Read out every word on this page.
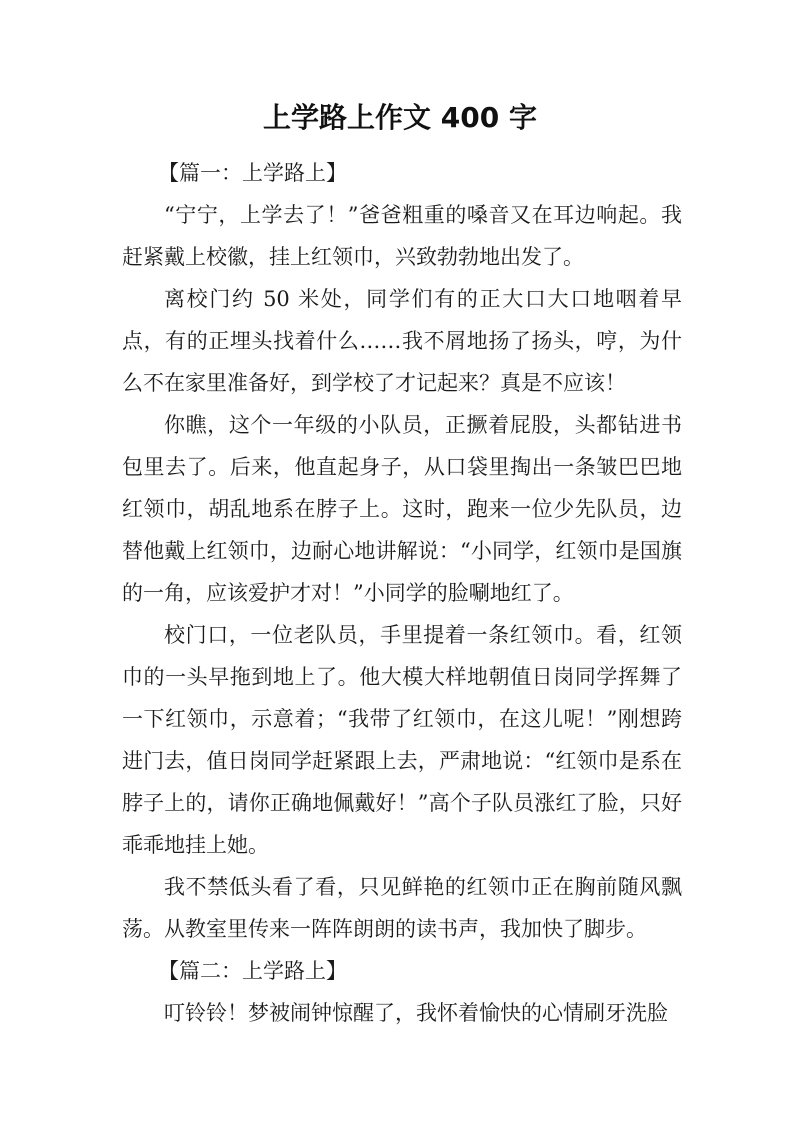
上学路上作文 400 字

【篇一：上学路上】

“宁宁，上学去了！”爸爸粗重的嗓音又在耳边响起。我赶紧戴上校徽，挂上红领巾，兴致勃勃地出发了。

离校门约 50 米处，同学们有的正大口大口地咽着早点，有的正埋头找着什么……我不屑地扬了扬头，哼，为什么不在家里准备好，到学校了才记起来？真是不应该！

你瞧，这个一年级的小队员，正撅着屁股，头都钻进书包里去了。后来，他直起身子，从口袋里掏出一条皱巴巴地红领巾，胡乱地系在脖子上。这时，跑来一位少先队员，边替他戴上红领巾，边耐心地讲解说：“小同学，红领巾是国旗的一角，应该爱护才对！”小同学的脸唰地红了。

校门口，一位老队员，手里提着一条红领巾。看，红领巾的一头早拖到地上了。他大模大样地朝值日岗同学挥舞了一下红领巾，示意着；“我带了红领巾，在这儿呢！”刚想跨进门去，值日岗同学赶紧跟上去，严肃地说：“红领巾是系在脖子上的，请你正确地佩戴好！”高个子队员涨红了脸，只好乖乖地挂上她。

我不禁低头看了看，只见鲜艳的红领巾正在胸前随风飘荡。从教室里传来一阵阵朗朗的读书声，我加快了脚步。

【篇二：上学路上】

叮铃铃！梦被闹钟惊醒了，我怀着愉快的心情刷牙洗脸
